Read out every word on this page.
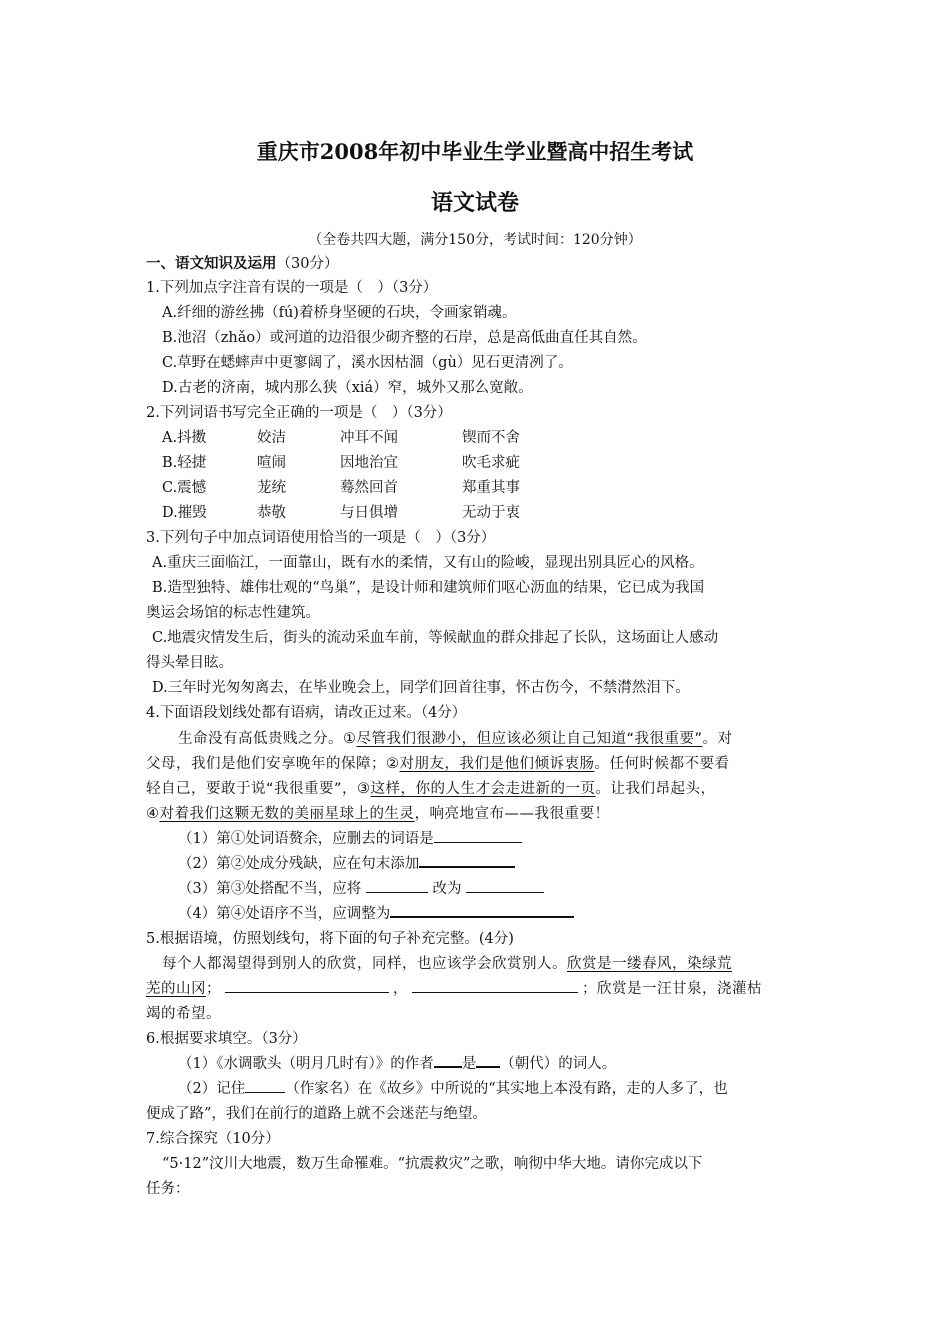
重庆市2008年初中毕业生学业暨高中招生考试
语文试卷
（全卷共四大题，满分150分，考试时间：120分钟）
一、语文知识及运用（30分）
1.下列加点字注音有误的一项是（　）（3分）
A.纤细的游丝拂（fú)着桥身坚硬的石块，令画家销魂。
B.池沼（zhǎo）或河道的边沿很少砌齐整的石岸，总是高低曲直任其自然。
C.草野在蟋蟀声中更寥阔了，溪水因枯涸（gù）见石更清冽了。
D.古老的济南，城内那么狭（xiá）窄，城外又那么宽敞。
2.下列词语书写完全正确的一项是（　）（3分）
A.抖擞	姣洁	冲耳不闻	锲而不舍
B.轻捷	喧闹	因地治宜	吹毛求疵
C.震憾	茏统	蓦然回首	郑重其事
D.摧毁	恭敬	与日俱增	无动于衷
3.下列句子中加点词语使用恰当的一项是（　）（3分）
A.重庆三面临江，一面靠山，既有水的柔情，又有山的险峻，显现出别具匠心的风格。
B.造型独特、雄伟壮观的“鸟巢”，是设计师和建筑师们呕心沥血的结果，它已成为我国
奥运会场馆的标志性建筑。
C.地震灾情发生后，街头的流动采血车前，等候献血的群众排起了长队，这场面让人感动
得头晕目眩。
D.三年时光匆匆离去，在毕业晚会上，同学们回首往事，怀古伤今，不禁潸然泪下。
4.下面语段划线处都有语病，请改正过来。（4分）
生命没有高低贵贱之分。①尽管我们很渺小，但应该必须让自己知道“我很重要”。对
父母，我们是他们安享晚年的保障；②对朋友，我们是他们倾诉衷肠。任何时候都不要看
轻自己，要敢于说“我很重要”，③这样，你的人生才会走进新的一页。让我们昂起头，
④对着我们这颗无数的美丽星球上的生灵，响亮地宣布——我很重要！
（1）第①处词语赘余，应删去的词语是
（2）第②处成分残缺，应在句末添加
（3）第③处搭配不当，应将	改为
（4）第④处语序不当，应调整为
5.根据语境，仿照划线句，将下面的句子补充完整。(4分)
每个人都渴望得到别人的欣赏，同样，也应该学会欣赏别人。欣赏是一缕春风，染绿荒
芜的山冈；	，	；欣赏是一汪甘泉，浇灌枯
竭的希望。
6.根据要求填空。（3分）
（1）《水调歌头（明月几时有）》的作者 是 （朝代）的词人。
（2）记住	（作家名）在《故乡》中所说的“其实地上本没有路，走的人多了，也
便成了路”，我们在前行的道路上就不会迷茫与绝望。
7.综合探究（10分）
“5·12”汶川大地震，数万生命罹难。“抗震救灾”之歌，响彻中华大地。请你完成以下
任务：
